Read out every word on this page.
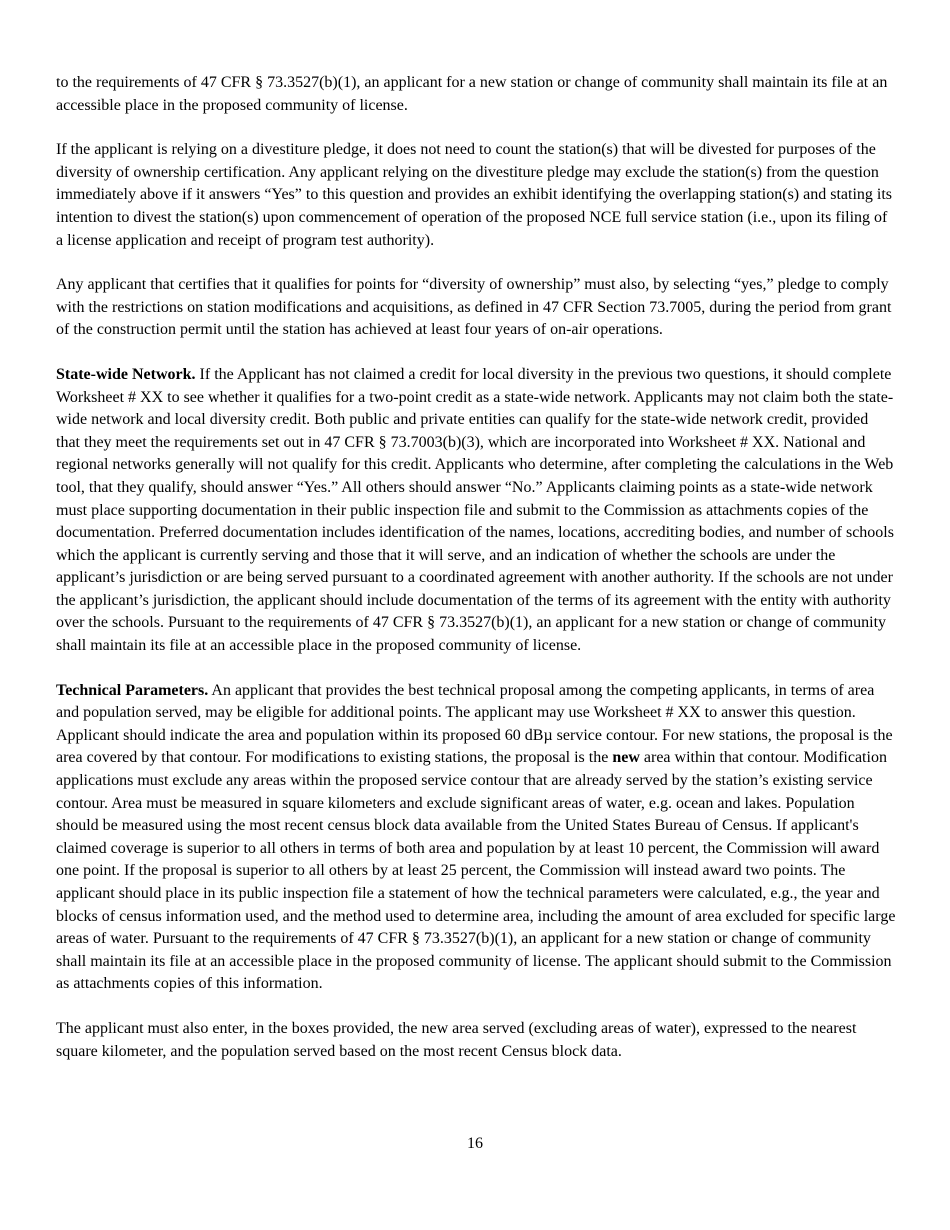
to the requirements of 47 CFR § 73.3527(b)(1), an applicant for a new station or change of community shall maintain its file at an accessible place in the proposed community of license.

If the applicant is relying on a divestiture pledge, it does not need to count the station(s) that will be divested for purposes of the diversity of ownership certification. Any applicant relying on the divestiture pledge may exclude the station(s) from the question immediately above if it answers “Yes” to this question and provides an exhibit identifying the overlapping station(s) and stating its intention to divest the station(s) upon commencement of operation of the proposed NCE full service station (i.e., upon its filing of a license application and receipt of program test authority).

Any applicant that certifies that it qualifies for points for “diversity of ownership” must also, by selecting “yes,” pledge to comply with the restrictions on station modifications and acquisitions, as defined in 47 CFR Section 73.7005, during the period from grant of the construction permit until the station has achieved at least four years of on-air operations.

State-wide Network. If the Applicant has not claimed a credit for local diversity in the previous two questions, it should complete Worksheet # XX to see whether it qualifies for a two-point credit as a state-wide network. Applicants may not claim both the state-wide network and local diversity credit. Both public and private entities can qualify for the state-wide network credit, provided that they meet the requirements set out in 47 CFR § 73.7003(b)(3), which are incorporated into Worksheet # XX. National and regional networks generally will not qualify for this credit. Applicants who determine, after completing the calculations in the Web tool, that they qualify, should answer “Yes.” All others should answer “No.” Applicants claiming points as a state-wide network must place supporting documentation in their public inspection file and submit to the Commission as attachments copies of the documentation. Preferred documentation includes identification of the names, locations, accrediting bodies, and number of schools which the applicant is currently serving and those that it will serve, and an indication of whether the schools are under the applicant’s jurisdiction or are being served pursuant to a coordinated agreement with another authority. If the schools are not under the applicant’s jurisdiction, the applicant should include documentation of the terms of its agreement with the entity with authority over the schools. Pursuant to the requirements of 47 CFR § 73.3527(b)(1), an applicant for a new station or change of community shall maintain its file at an accessible place in the proposed community of license.

Technical Parameters. An applicant that provides the best technical proposal among the competing applicants, in terms of area and population served, may be eligible for additional points. The applicant may use Worksheet # XX to answer this question. Applicant should indicate the area and population within its proposed 60 dBµ service contour. For new stations, the proposal is the area covered by that contour. For modifications to existing stations, the proposal is the new area within that contour. Modification applications must exclude any areas within the proposed service contour that are already served by the station’s existing service contour. Area must be measured in square kilometers and exclude significant areas of water, e.g. ocean and lakes. Population should be measured using the most recent census block data available from the United States Bureau of Census. If applicant's claimed coverage is superior to all others in terms of both area and population by at least 10 percent, the Commission will award one point. If the proposal is superior to all others by at least 25 percent, the Commission will instead award two points. The applicant should place in its public inspection file a statement of how the technical parameters were calculated, e.g., the year and blocks of census information used, and the method used to determine area, including the amount of area excluded for specific large areas of water. Pursuant to the requirements of 47 CFR § 73.3527(b)(1), an applicant for a new station or change of community shall maintain its file at an accessible place in the proposed community of license. The applicant should submit to the Commission as attachments copies of this information.

The applicant must also enter, in the boxes provided, the new area served (excluding areas of water), expressed to the nearest square kilometer, and the population served based on the most recent Census block data.

16
